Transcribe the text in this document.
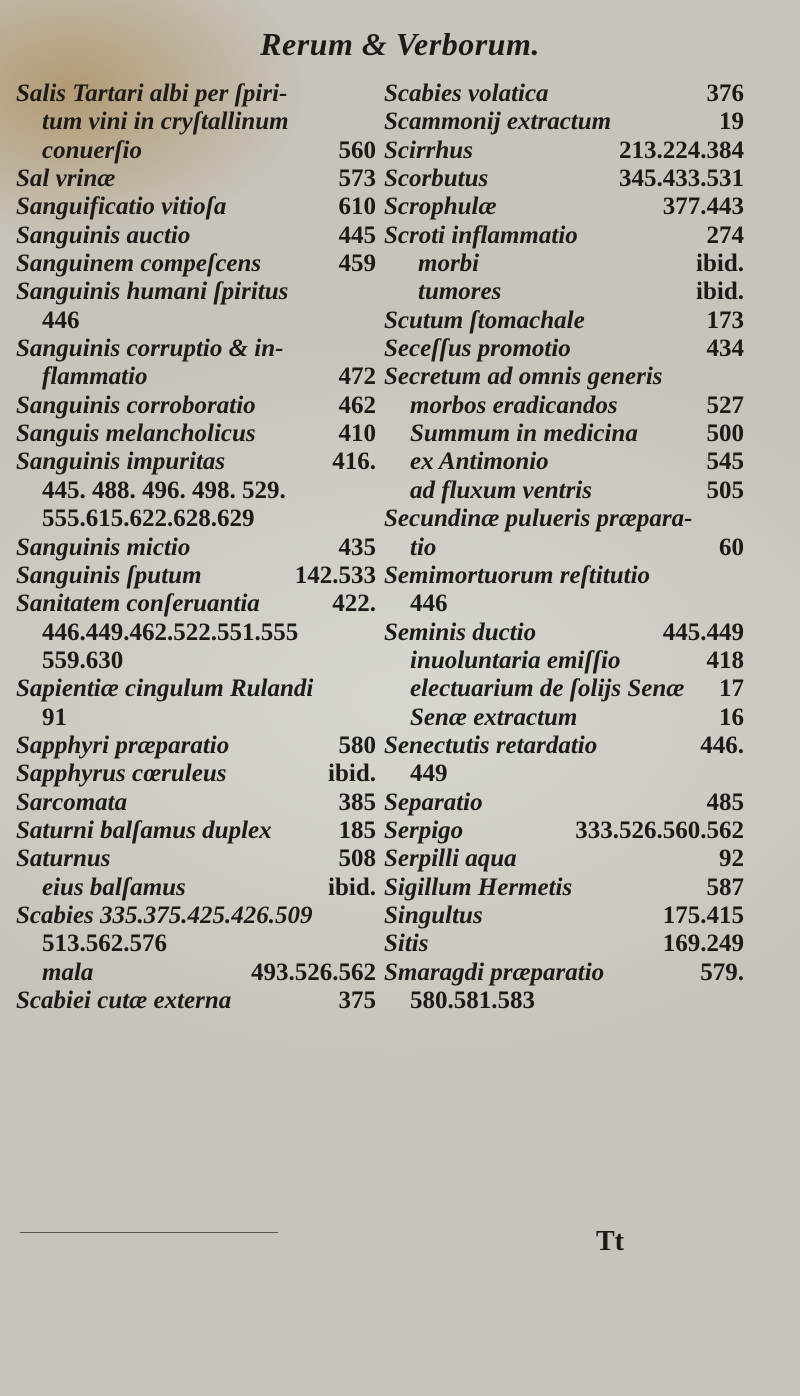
Rerum & Verborum.
Salis Tartari albi per ſpiri-
tum vini in cryſtallinum
conuerſio	560
Sal vrinæ	573
Sanguificatio vitioſa	610
Sanguinis auctio	445
Sanguinem compeſcens	459
Sanguinis humani ſpiritus
446
Sanguinis corruptio & in-
flammatio	472
Sanguinis corroboratio	462
Sanguis melancholicus	410
Sanguinis impuritas	416.
445. 488. 496. 498. 529.
555.615.622.628.629
Sanguinis mictio	435
Sanguinis ſputum	142.533
Sanitatem conſeruantia	422.
446.449.462.522.551.555
559.630
Sapientiæ cingulum Rulandi
91
Sapphyri præparatio	580
Sapphyrus cœruleus	ibid.
Sarcomata	385
Saturni balſamus duplex	185
Saturnus	508
eius balſamus	ibid.
Scabies 335.375.425.426.509
513.562.576
mala	493.526.562
Scabiei cutæ externa	375
Scabies volatica	376
Scammonij extractum	19
Scirrhus	213.224.384
Scorbutus	345.433.531
Scrophulæ	377.443
Scroti inflammatio	274
morbi	ibid.
tumores	ibid.
Scutum ſtomachale	173
Seceſſus promotio	434
Secretum ad omnis generis
morbos eradicandos	527
Summum in medicina	500
ex Antimonio	545
ad fluxum ventris	505
Secundinæ pulueris præpara-
tio	60
Semimortuorum reſtitutio
446
Seminis ductio	445.449
inuoluntaria emiſſio	418
electuarium de ſolijs Senæ 17
Senæ extractum	16
Senectutis retardatio	446.
449
Separatio	485
Serpigo	333.526.560.562
Serpilli aqua	92
Sigillum Hermetis	587
Singultus	175.415
Sitis	169.249
Smaragdi præparatio	579.
580.581.583
Tt
